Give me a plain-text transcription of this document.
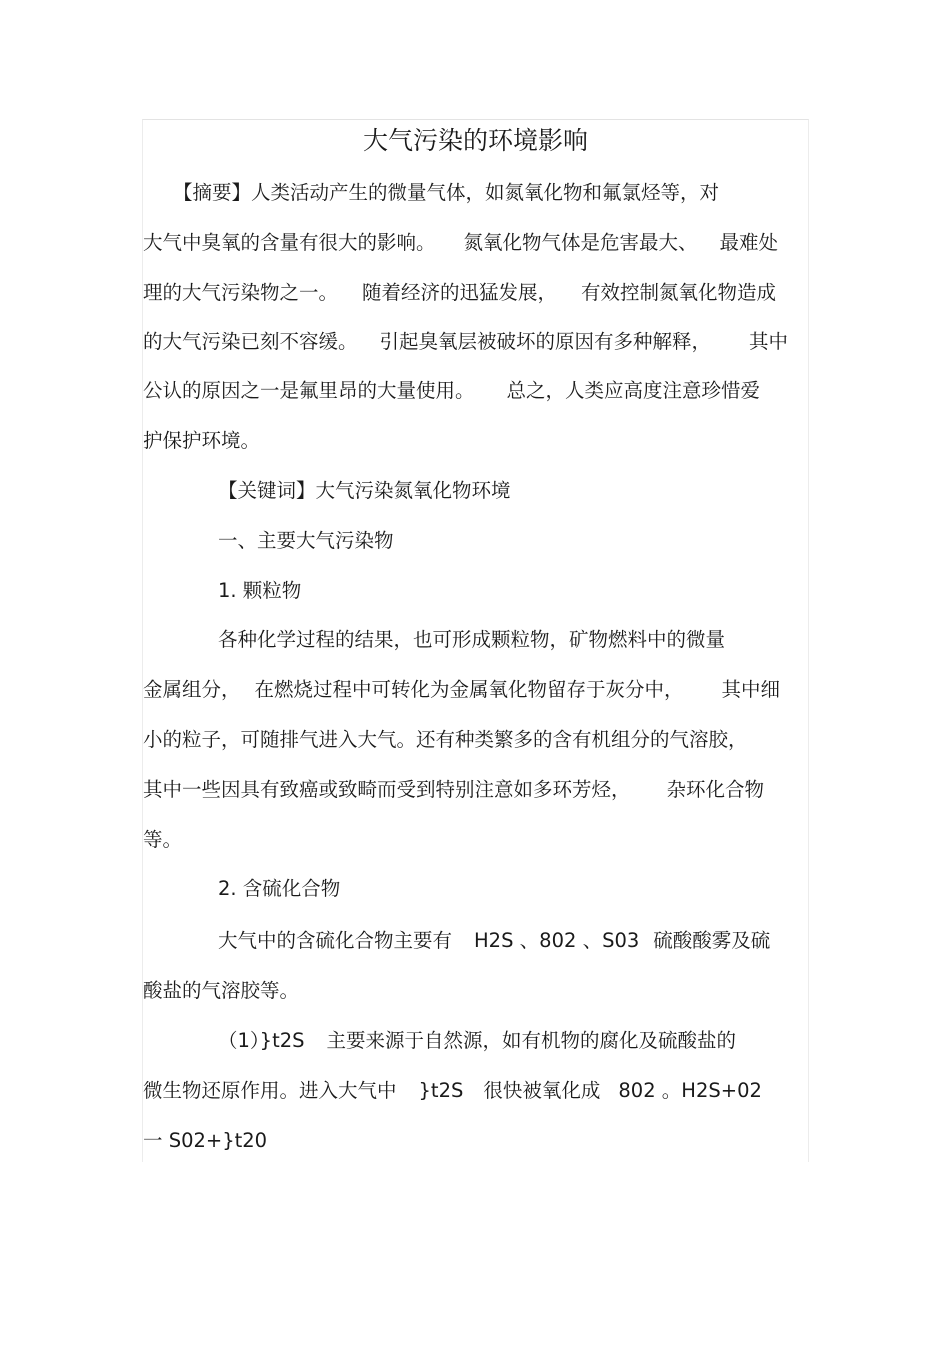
大气污染的环境影响
【摘要】人类活动产生的微量气体，如氮氧化物和氟氯烃等，对
大气中臭氧的含量有很大的影响。 氮氧化物气体是危害最大、 最难处
理的大气污染物之一。 随着经济的迅猛发展， 有效控制氮氧化物造成
的大气污染已刻不容缓。 引起臭氧层被破坏的原因有多种解释， 其中
公认的原因之一是氟里昂的大量使用。 总之，人类应高度注意珍惜爱
护保护环境。
【关键词】大气污染氮氧化物环境
一、主要大气污染物
1. 颗粒物
各种化学过程的结果，也可形成颗粒物，矿物燃料中的微量
金属组分， 在燃烧过程中可转化为金属氧化物留存于灰分中， 其中细
小的粒子，可随排气进入大气。还有种类繁多的含有机组分的气溶胶，
其中一些因具有致癌或致畸而受到特别注意如多环芳烃， 杂环化合物
等。
2. 含硫化合物
大气中的含硫化合物主要有 H2S 、802 、S03 硫酸酸雾及硫
酸盐的气溶胶等。
（1）}t2S 主要来源于自然源，如有机物的腐化及硫酸盐的
微生物还原作用。进入大气中 }t2S 很快被氧化成 802 。H2S+02
一 S02+}t20
